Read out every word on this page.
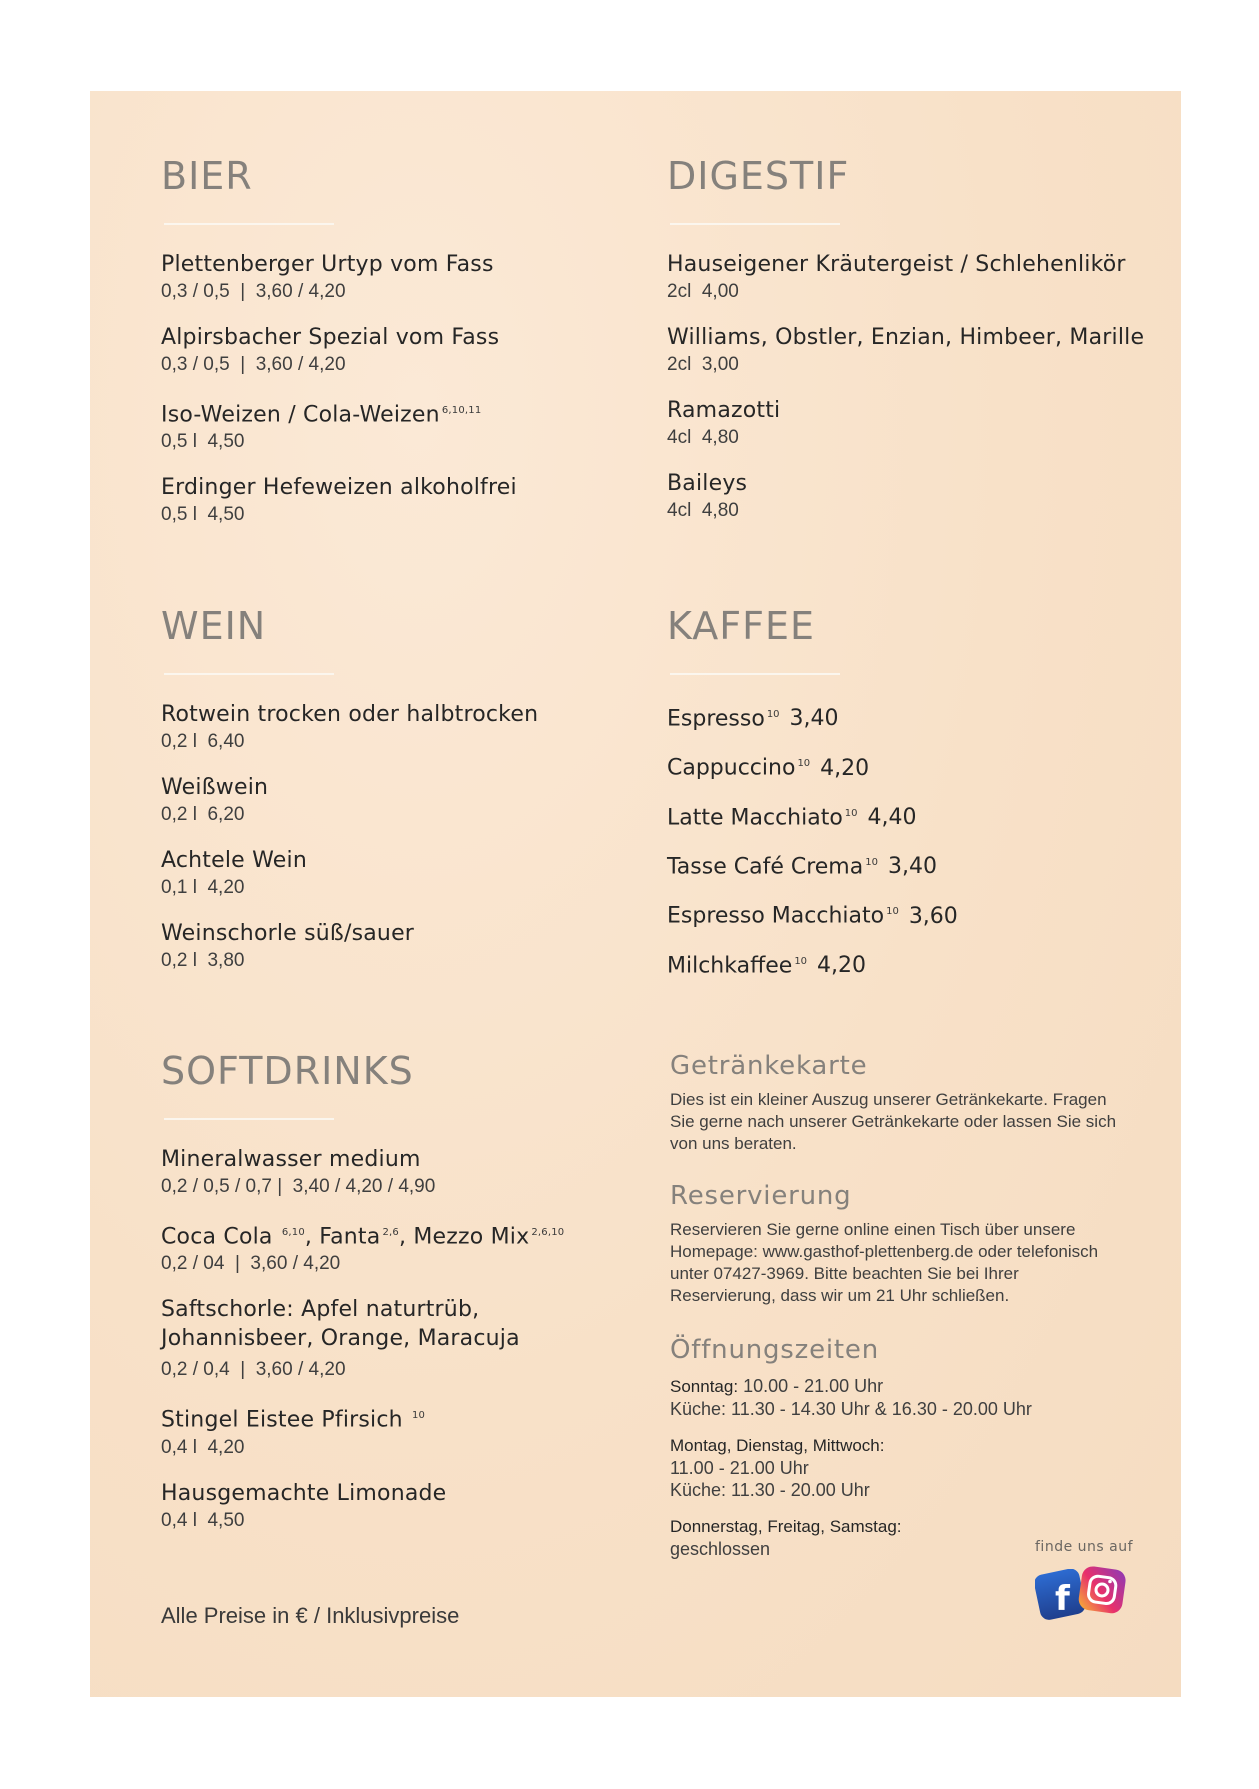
BIER
Plettenberger Urtyp vom Fass
0,3 / 0,5  |  3,60 / 4,20
Alpirsbacher Spezial vom Fass
0,3 / 0,5  |  3,60 / 4,20
Iso-Weizen / Cola-Weizen $^{6,10,11}$
0,5 l  4,50
Erdinger Hefeweizen alkoholfrei
0,5 l  4,50
DIGESTIF
Hauseigener Kräutergeist / Schlehenlikör
2cl  4,00
Williams, Obstler, Enzian, Himbeer, Marille
2cl  3,00
Ramazotti
4cl  4,80
Baileys
4cl  4,80
WEIN
Rotwein trocken oder halbtrocken
0,2 l  6,40
Weißwein
0,2 l  6,20
Achtele Wein
0,1 l  4,20
Weinschorle süß/sauer
0,2 l  3,80
KAFFEE
Espresso $^{10}$ 3,40
Cappuccino $^{10}$ 4,20
Latte Macchiato $^{10}$ 4,40
Tasse Café Crema $^{10}$ 3,40
Espresso Macchiato $^{10}$ 3,60
Milchkaffee $^{10}$ 4,20
SOFTDRINKS
Mineralwasser medium
0,2 / 0,5 / 0,7 |  3,40 / 4,20 / 4,90
Coca Cola $^{6,10}$, Fanta $^{2,6}$, Mezzo Mix $^{2,6,10}$
0,2 / 04  |  3,60 / 4,20
Saftschorle: Apfel naturtrüb,
Johannisbeer, Orange, Maracuja
0,2 / 0,4  |  3,60 / 4,20
Stingel Eistee Pfirsich $^{10}$
0,4 l  4,20
Hausgemachte Limonade
0,4 l  4,50
Alle Preise in € / Inklusivpreise
Getränkekarte

Dies ist ein kleiner Auszug unserer Getränkekarte. Fragen Sie gerne nach unserer Getränkekarte oder lassen Sie sich von uns beraten.

Reservierung

Reservieren Sie gerne online einen Tisch über unsere Homepage: www.gasthof-plettenberg.de oder telefonisch unter 07427-3969. Bitte beachten Sie bei Ihrer Reservierung, dass wir um 21 Uhr schließen.

Öffnungszeiten
Sonntag: 10.00 - 21.00 Uhr
Küche: 11.30 - 14.30 Uhr & 16.30 - 20.00 Uhr
Montag, Dienstag, Mittwoch:
11.00 - 21.00 Uhr
Küche: 11.30 - 20.00 Uhr
Donnerstag, Freitag, Samstag:
geschlossen	finde uns auf
f
